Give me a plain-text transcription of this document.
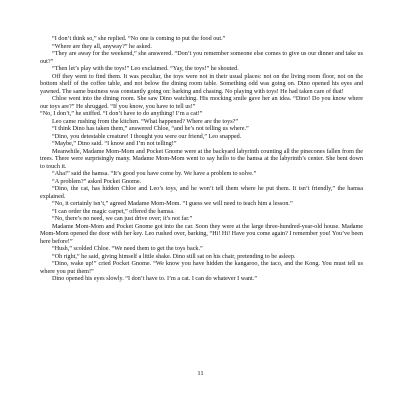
“I don’t think so,” she replied. “No one is coming to put the food out.”

“Where are they all, anyway?” he asked.

“They are away for the weekend,” she answered. “Don’t you remember someone else comes to give us our dinner and take us out?”

“Then let’s play with the toys!” Leo exclaimed. “Yay, the toys!” he shouted.

Off they went to find them. It was peculiar, the toys were not in their usual places: not on the living room floor, not on the bottom shelf of the coffee table, and not below the dining room table. Something odd was going on. Dino opened his eyes and yawned. The same business was constantly going on: barking and chasing. No playing with toys! He had taken care of that!

Chloe went into the dining room. She saw Dino watching. His mocking smile gave her an idea. “Dino! Do you know where our toys are?” He shrugged. “If you know, you have to tell us!”

“No, I don’t,” he sniffed. “I don’t have to do anything! I’m a cat!”

Leo came rushing from the kitchen. “What happened? Where are the toys?”

“I think Dino has taken them,” answered Chloe, “and he’s not telling us where.”

“Dino, you detestable creature! I thought you were our friend,” Leo snapped.

“Maybe,” Dino said. “I know and I’m not telling!”

Meanwhile, Madame Mom-Mom and Pocket Gnome were at the backyard labyrinth counting all the pinecones fallen from the trees. There were surprisingly many. Madame Mom-Mom went to say hello to the hamsa at the labyrinth’s center. She bent down to touch it.

“Aha!” said the hamsa. “It’s good you have come by. We have a problem to solve.”

“A problem?” asked Pocket Gnome.

“Dino, the cat, has hidden Chloe and Leo’s toys, and he won’t tell them where he put them. It isn’t friendly,” the hamsa explained.

“No, it certainly isn’t,” agreed Madame Mom-Mom. “I guess we will need to teach him a lesson.”

“I can order the magic carpet,” offered the hamsa.

“No, there’s no need, we can just drive over; it’s not far.”

Madame Mom-Mom and Pocket Gnome got into the car. Soon they were at the large three-hundred-year-old house. Madame Mom-Mom opened the door with her key. Leo rushed over, barking, “Hi! Hi! Have you come again? I remember you! You’ve been here before!”

“Hush,” scolded Chloe. “We need them to get the toys back.”

“Oh right,” he said, giving himself a little shake. Dino still sat on his chair, pretending to be asleep.

“Dino, wake up!” cried Pocket Gnome. “We know you have hidden the kangaroo, the taco, and the Kong. You must tell us where you put them!”

Dino opened his eyes slowly. “I don’t have to. I’m a cat. I can do whatever I want.”

11
